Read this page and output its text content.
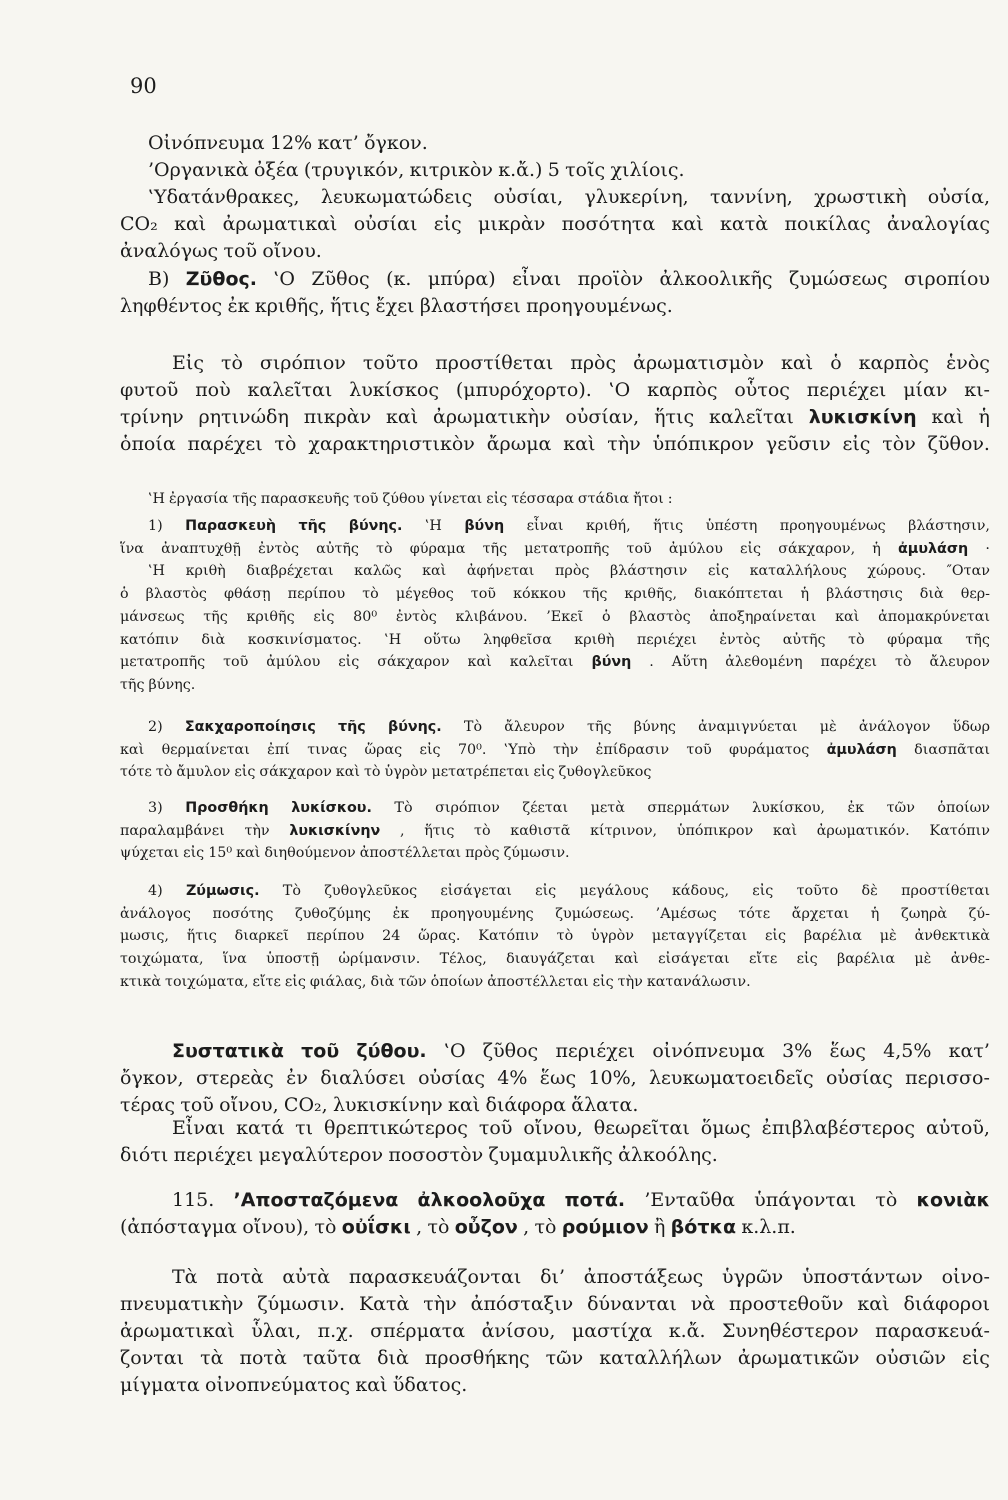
90
Οἰνόπνευμα 12% κατ’ ὄγκον.
’Οργανικὰ ὀξέα (τρυγικόν, κιτρικὸν κ.ἄ.) 5 τοῖς χιλίοις.
‛Υδατάνθρακες, λευκωματώδεις οὐσίαι, γλυκερίνη, ταννίνη, χρωστικὴ οὐσία,
CO₂ καὶ ἀρωματικαὶ οὐσίαι εἰς μικρὰν ποσότητα καὶ κατὰ ποικίλας ἀναλογίας
ἀναλόγως τοῦ οἴνου.
B) Ζῦθος. ‛Ο Ζῦθος (κ. μπύρα) εἶναι προϊὸν ἀλκοολικῆς ζυμώσεως σιροπίου
ληφθέντος ἐκ κριθῆς, ἥτις ἔχει βλαστήσει προηγουμένως.
Εἰς τὸ σιρόπιον τοῦτο προστίθεται πρὸς ἀρωματισμὸν καὶ ὁ καρπὸς ἑνὸς
φυτοῦ ποὺ καλεῖται λυκίσκος (μπυρόχορτο). ‛Ο καρπὸς οὗτος περιέχει μίαν κι-
τρίνην ρητινώδη πικρὰν καὶ ἀρωματικὴν οὐσίαν, ἥτις καλεῖται λυκισκίνη καὶ ἡ
ὁποία παρέχει τὸ χαρακτηριστικὸν ἄρωμα καὶ τὴν ὑπόπικρον γεῦσιν εἰς τὸν ζῦθον.
‛Η ἐργασία τῆς παρασκευῆς τοῦ ζύθου γίνεται εἰς τέσσαρα στάδια ἤτοι :
1) Παρασκευὴ τῆς βύνης. ‛Η βύνη εἶναι κριθή, ἥτις ὑπέστη προηγουμένως βλάστησιν,
ἵνα ἀναπτυχθῇ ἐντὸς αὐτῆς τὸ φύραμα τῆς μετατροπῆς τοῦ ἀμύλου εἰς σάκχαρον, ἡ ἀμυλάση ·
‛Η κριθὴ διαβρέχεται καλῶς καὶ ἀφήνεται πρὸς βλάστησιν εἰς καταλλήλους χώρους. ″Οταν
ὁ βλαστὸς φθάσῃ περίπου τὸ μέγεθος τοῦ κόκκου τῆς κριθῆς, διακόπτεται ἡ βλάστησις διὰ θερ-
μάνσεως τῆς κριθῆς εἰς 80⁰ ἐντὸς κλιβάνου. ’Εκεῖ ὁ βλαστὸς ἀποξηραίνεται καὶ ἀπομακρύνεται
κατόπιν διὰ κοσκινίσματος. ‛Η οὕτω ληφθεῖσα κριθὴ περιέχει ἐντὸς αὐτῆς τὸ φύραμα τῆς
μετατροπῆς τοῦ ἀμύλου εἰς σάκχαρον καὶ καλεῖται βύνη . Αὕτη ἀλεθομένη παρέχει τὸ ἄλευρον
τῆς βύνης.
2) Σακχαροποίησις τῆς βύνης. Τὸ ἄλευρον τῆς βύνης ἀναμιγνύεται μὲ ἀνάλογον ὕδωρ
καὶ θερμαίνεται ἐπί τινας ὥρας εἰς 70⁰. ‛Υπὸ τὴν ἐπίδρασιν τοῦ φυράματος ἀμυλάση διασπᾶται
τότε τὸ ἄμυλον εἰς σάκχαρον καὶ τὸ ὑγρὸν μετατρέπεται εἰς ζυθογλεῦκος
3) Προσθήκη λυκίσκου. Τὸ σιρόπιον ζέεται μετὰ σπερμάτων λυκίσκου, ἐκ τῶν ὁποίων
παραλαμβάνει τὴν λυκισκίνην , ἥτις τὸ καθιστᾶ κίτρινον, ὑπόπικρον καὶ ἀρωματικόν. Κατόπιν
ψύχεται εἰς 15⁰ καὶ διηθούμενον ἀποστέλλεται πρὸς ζύμωσιν.
4) Ζύμωσις. Τὸ ζυθογλεῦκος εἰσάγεται εἰς μεγάλους κάδους, εἰς τοῦτο δὲ προστίθεται
ἀνάλογος ποσότης ζυθοζύμης ἐκ προηγουμένης ζυμώσεως. ’Αμέσως τότε ἄρχεται ἡ ζωηρὰ ζύ-
μωσις, ἥτις διαρκεῖ περίπου 24 ὥρας. Κατόπιν τὸ ὑγρὸν μεταγγίζεται εἰς βαρέλια μὲ ἀνθεκτικὰ
τοιχώματα, ἵνα ὑποστῇ ὡρίμανσιν. Τέλος, διαυγάζεται καὶ εἰσάγεται εἴτε εἰς βαρέλια μὲ ἀνθε-
κτικὰ τοιχώματα, εἴτε εἰς φιάλας, διὰ τῶν ὁποίων ἀποστέλλεται εἰς τὴν κατανάλωσιν.
Συστατικὰ τοῦ ζύθου. ‛Ο ζῦθος περιέχει οἰνόπνευμα 3% ἕως 4,5% κατ’
ὄγκον, στερεὰς ἐν διαλύσει οὐσίας 4% ἕως 10%, λευκωματοειδεῖς οὐσίας περισσο-
τέρας τοῦ οἴνου, CO₂, λυκισκίνην καὶ διάφορα ἅλατα.
Εἶναι κατά τι θρεπτικώτερος τοῦ οἴνου, θεωρεῖται ὅμως ἐπιβλαβέστερος αὐτοῦ,
διότι περιέχει μεγαλύτερον ποσοστὸν ζυμαμυλικῆς ἀλκοόλης.
115. ’Αποσταζόμενα ἀλκοολοῦχα ποτά. ’Ενταῦθα ὑπάγονται τὸ κονιὰκ
(ἀπόσταγμα οἴνου), τὸ οὐΐσκι , τὸ οὖζον , τὸ ρούμιον ἢ βότκα κ.λ.π.
Τὰ ποτὰ αὐτὰ παρασκευάζονται δι’ ἀποστάξεως ὑγρῶν ὑποστάντων οἰνο-
πνευματικὴν ζύμωσιν. Κατὰ τὴν ἀπόσταξιν δύνανται νὰ προστεθοῦν καὶ διάφοροι
ἀρωματικαὶ ὗλαι, π.χ. σπέρματα ἀνίσου, μαστίχα κ.ἄ. Συνηθέστερον παρασκευά-
ζονται τὰ ποτὰ ταῦτα διὰ προσθήκης τῶν καταλλήλων ἀρωματικῶν οὐσιῶν εἰς
μίγματα οἰνοπνεύματος καὶ ὕδατος.
